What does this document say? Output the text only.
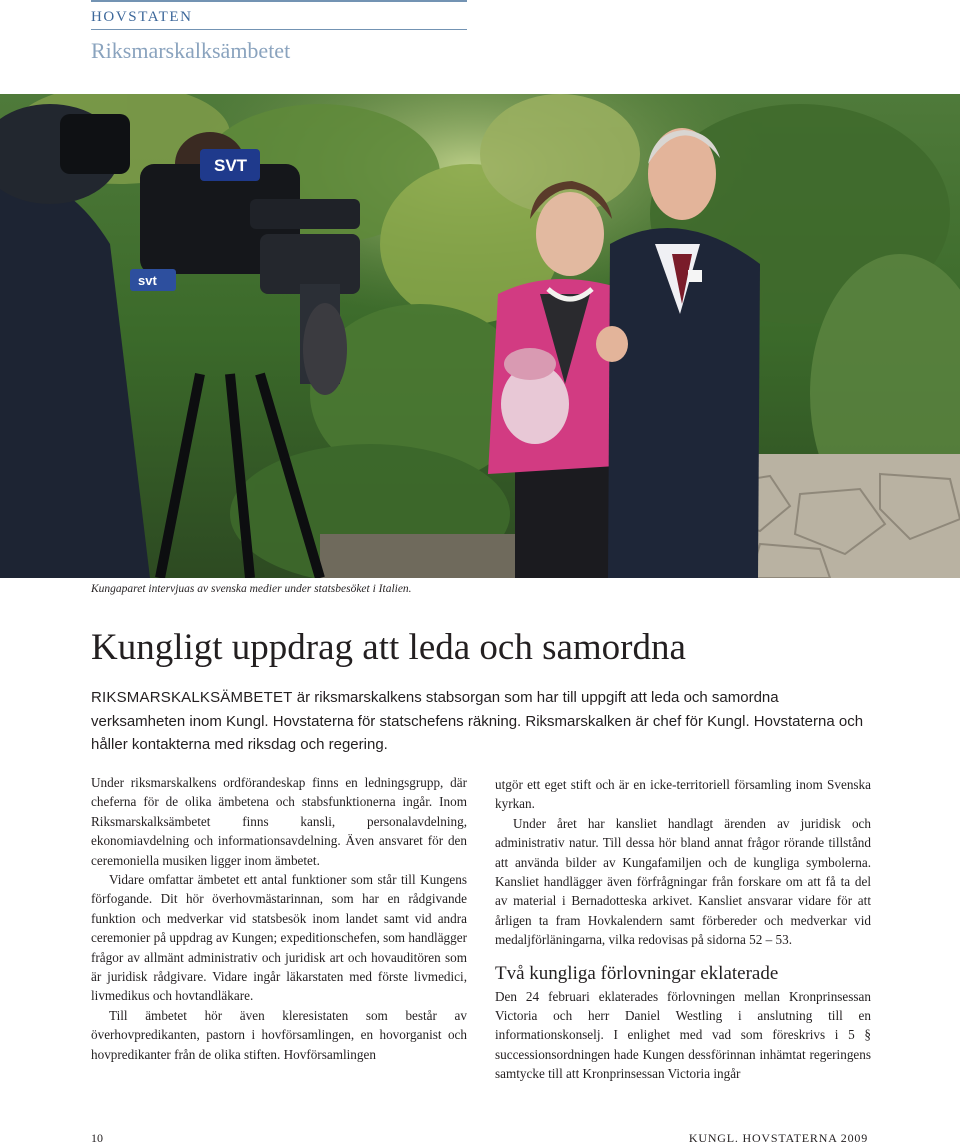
HOVSTATEN
Riksmarskalksämbetet
SVT
svt
Kungaparet intervjuas av svenska medier under statsbesöket i Italien.
Kungligt uppdrag att leda och samordna
RIKSMARSKALKSÄMBETET är riksmarskalkens stabsorgan som har till uppgift att leda och samordna verksamheten inom Kungl. Hovstaterna för statschefens räkning. Riksmarskalken är chef för Kungl. Hovstaterna och håller kontakterna med riksdag och regering.

Under riksmarskalkens ordförandeskap finns en ledningsgrupp, där cheferna för de olika ämbetena och stabsfunktionerna ingår. Inom Riksmarskalksämbetet finns kansli, personalavdelning, ekonomiavdelning och informationsavdelning. Även ansvaret för den ceremoniella musiken ligger inom ämbetet.

Vidare omfattar ämbetet ett antal funktioner som står till Kungens förfogande. Dit hör överhovmästarinnan, som har en rådgivande funktion och medverkar vid statsbesök inom landet samt vid andra ceremonier på uppdrag av Kungen; expeditionschefen, som handlägger frågor av allmänt administrativ och juridisk art och hovauditören som är juridisk rådgivare. Vidare ingår läkarstaten med förste livmedici, livmedikus och hovtandläkare.

Till ämbetet hör även kleresistaten som består av överhovpredikanten, pastorn i hovförsamlingen, en hovorganist och hovpredikanter från de olika stiften. Hovförsamlingen

utgör ett eget stift och är en icke-territoriell församling inom Svenska kyrkan.

Under året har kansliet handlagt ärenden av juridisk och administrativ natur. Till dessa hör bland annat frågor rörande tillstånd att använda bilder av Kungafamiljen och de kungliga symbolerna. Kansliet handlägger även förfrågningar från forskare om att få ta del av material i Bernadotteska arkivet. Kansliet ansvarar vidare för att årligen ta fram Hovkalendern samt förbereder och medverkar vid medaljförläningarna, vilka redovisas på sidorna 52 – 53.

Två kungliga förlovningar eklaterade

Den 24 februari eklaterades förlovningen mellan Kronprinsessan Victoria och herr Daniel Westling i anslutning till en informationskonselj. I enlighet med vad som föreskrivs i 5 § successionsordningen hade Kungen dessförinnan inhämtat regeringens samtycke till att Kronprinsessan Victoria ingår

10	KUNGL. HOVSTATERNA 2009
